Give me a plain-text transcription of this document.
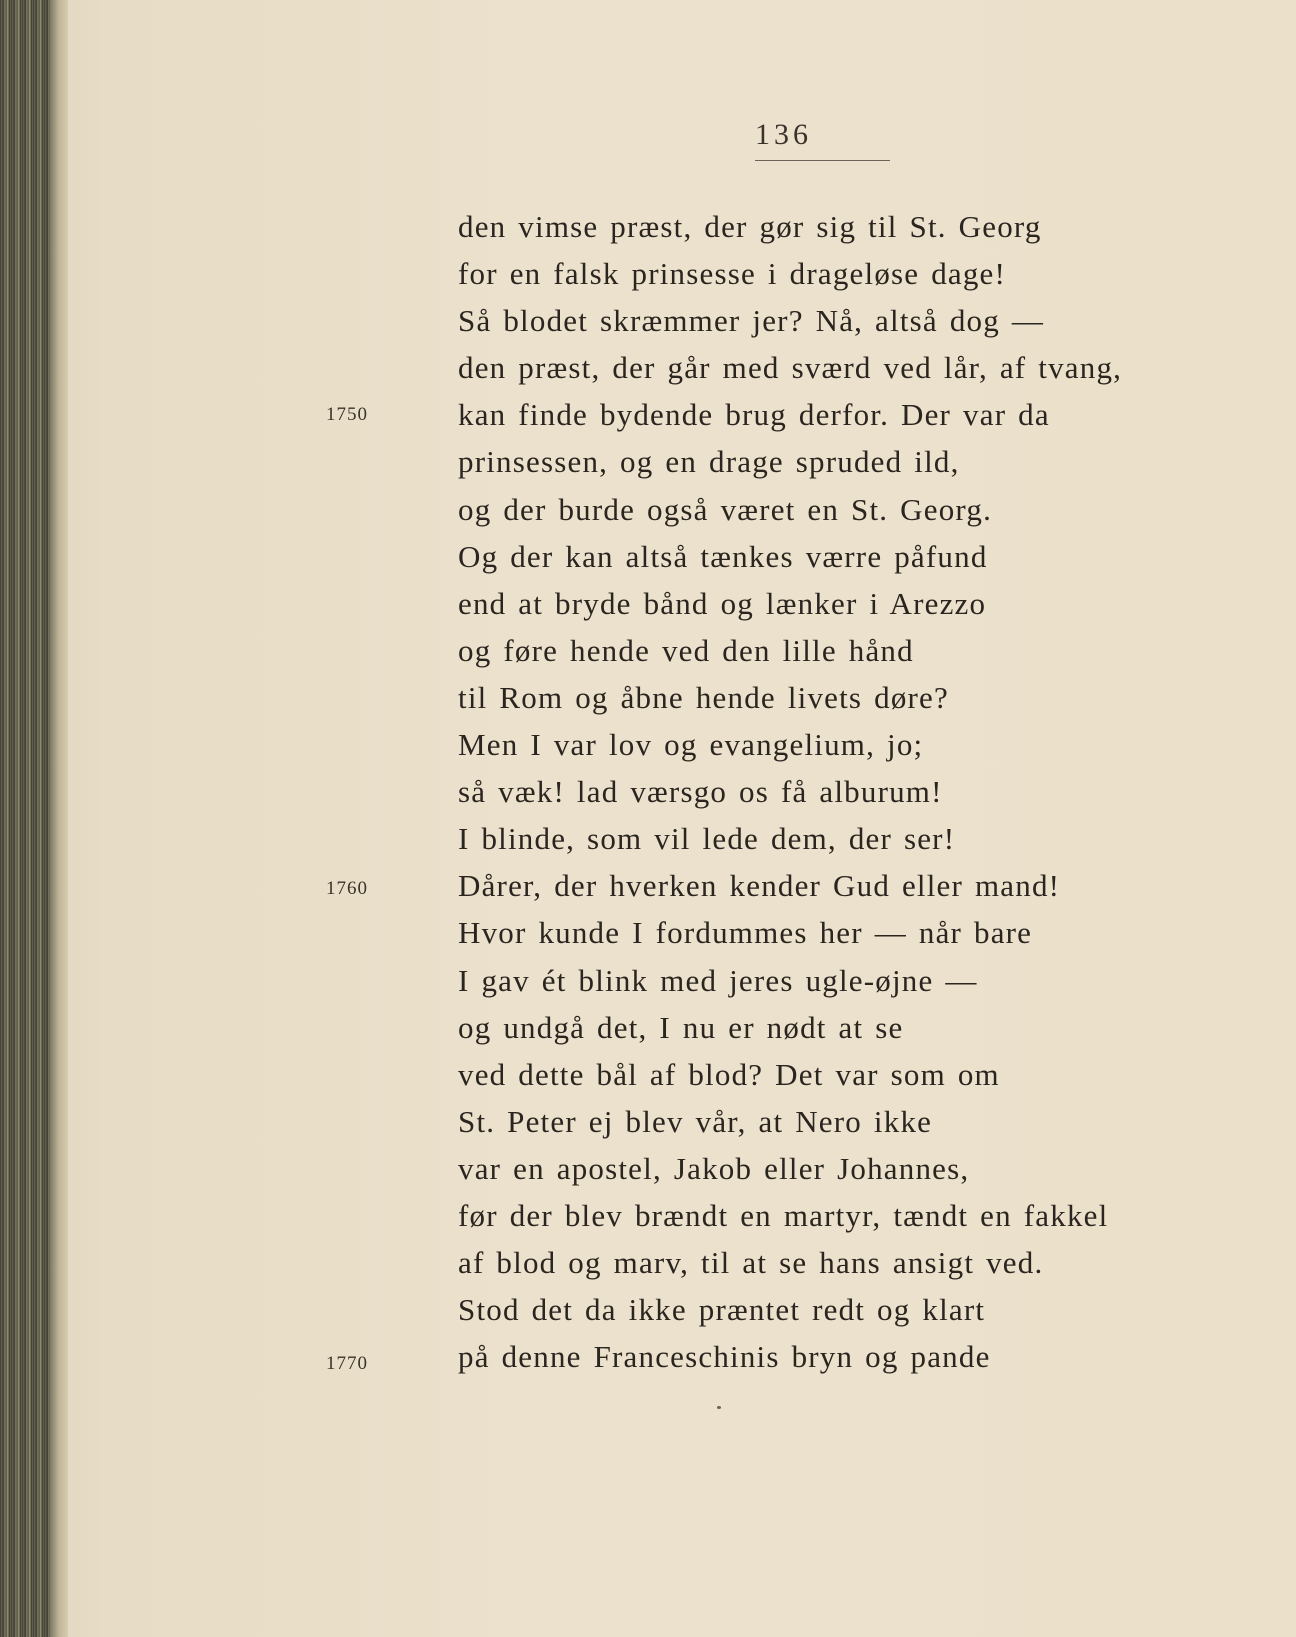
136
1750
1760
1770
den vimse præst, der gør sig til St. Georg
for en falsk prinsesse i drageløse dage!
Så blodet skræmmer jer? Nå, altså dog —
den præst, der går med sværd ved lår, af tvang,
kan finde bydende brug derfor. Der var da
prinsessen, og en drage spruded ild,
og der burde også været en St. Georg.
Og der kan altså tænkes værre påfund
end at bryde bånd og lænker i Arezzo
og føre hende ved den lille hånd
til Rom og åbne hende livets døre?
Men I var lov og evangelium, jo;
så væk! lad værsgo os få alburum!
I blinde, som vil lede dem, der ser!
Dårer, der hverken kender Gud eller mand!
Hvor kunde I fordummes her — når bare
I gav ét blink med jeres ugle-øjne —
og undgå det, I nu er nødt at se
ved dette bål af blod? Det var som om
St. Peter ej blev vår, at Nero ikke
var en apostel, Jakob eller Johannes,
før der blev brændt en martyr, tændt en fakkel
af blod og marv, til at se hans ansigt ved.
Stod det da ikke præntet redt og klart
på denne Franceschinis bryn og pande
